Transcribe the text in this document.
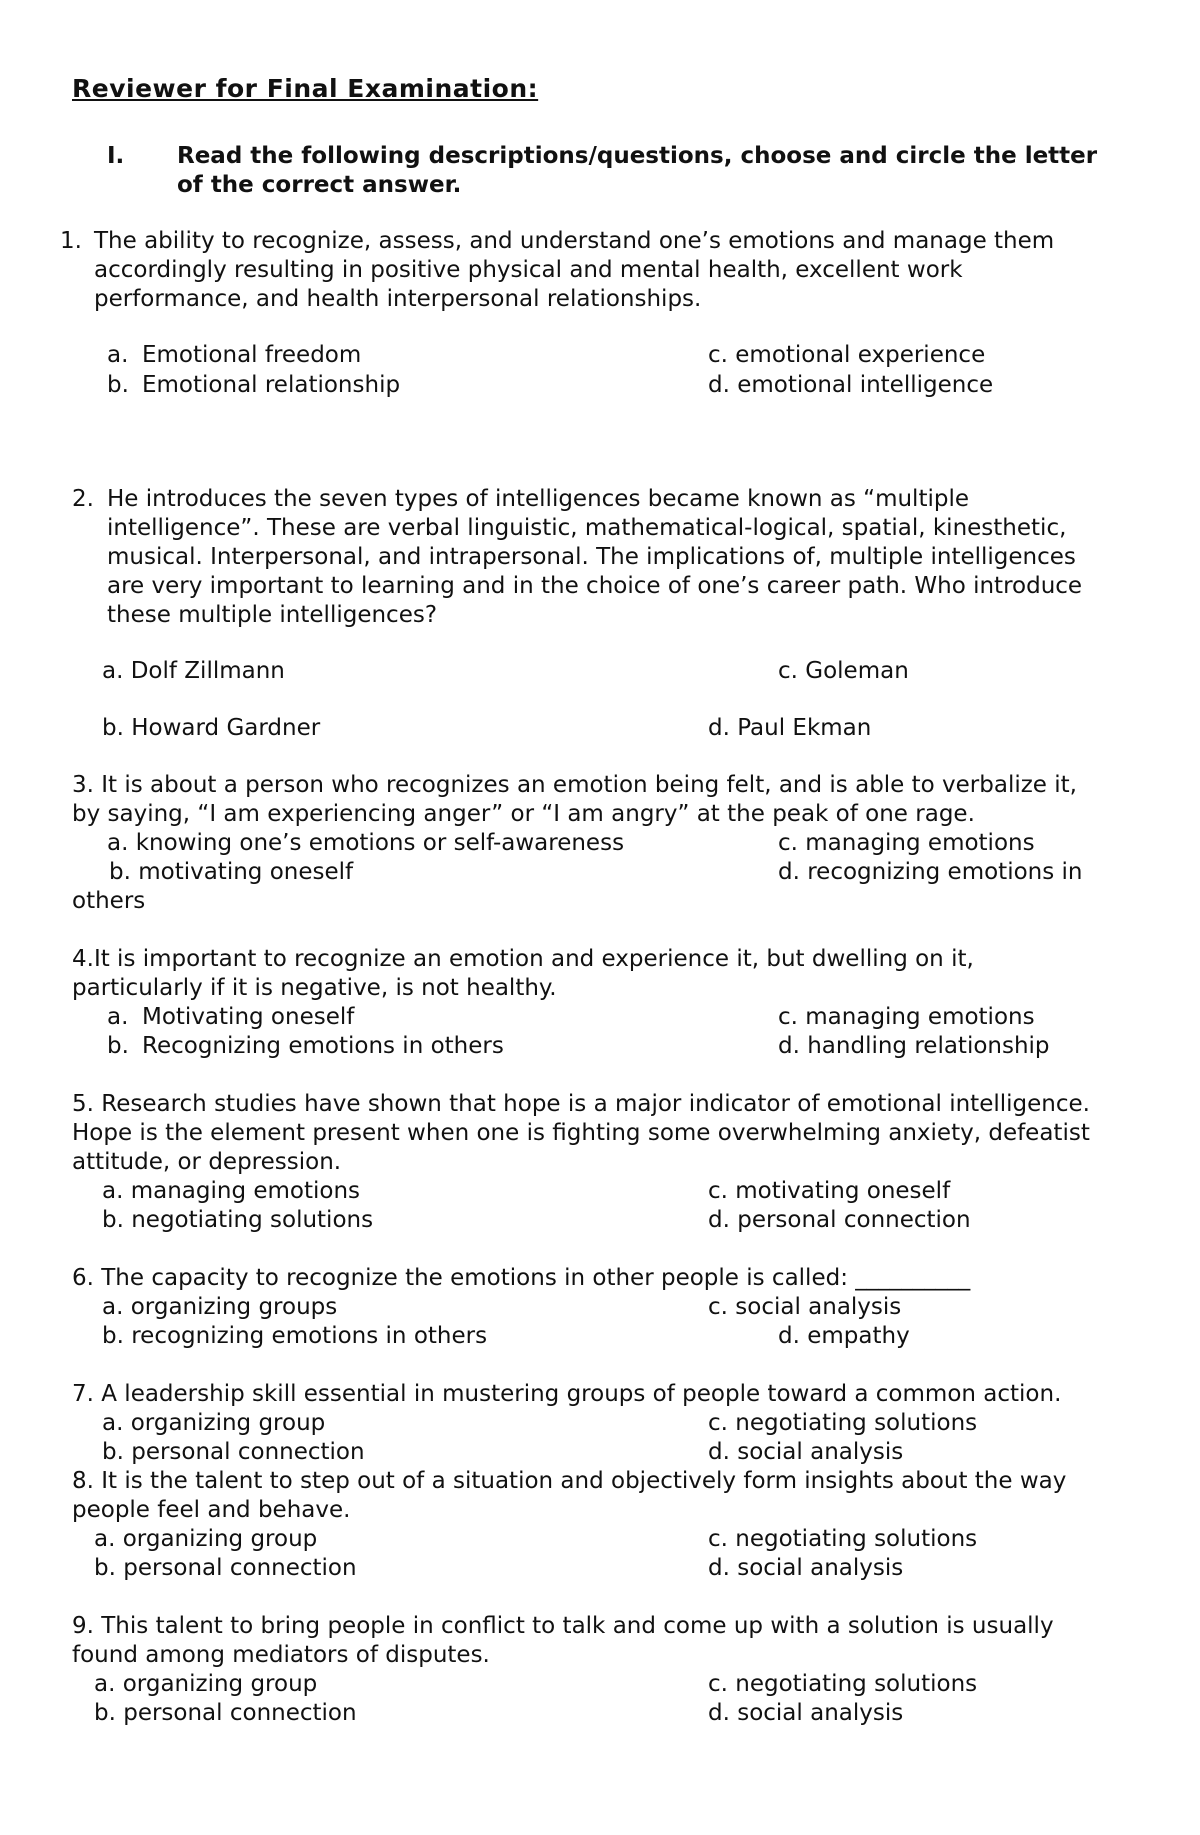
Reviewer for Final Examination:
I. Read the following descriptions/questions, choose and circle the letter
of the correct answer.
1. The ability to recognize, assess, and understand one’s emotions and manage them
accordingly resulting in positive physical and mental health, excellent work
performance, and health interpersonal relationships.
a. Emotional freedom
b. Emotional relationship
c. emotional experience
d. emotional intelligence
2. He introduces the seven types of intelligences became known as “multiple
intelligence”. These are verbal linguistic, mathematical-logical, spatial, kinesthetic,
musical. Interpersonal, and intrapersonal. The implications of, multiple intelligences
are very important to learning and in the choice of one’s career path. Who introduce
these multiple intelligences?
a. Dolf Zillmann	c. Goleman
b. Howard Gardner	d. Paul Ekman
3. It is about a person who recognizes an emotion being felt, and is able to verbalize it,
by saying, “I am experiencing anger” or “I am angry” at the peak of one rage.
a. knowing one’s emotions or self-awareness	c. managing emotions
b. motivating oneself	d. recognizing emotions in
others
4.It is important to recognize an emotion and experience it, but dwelling on it,
particularly if it is negative, is not healthy.
a. Motivating oneself	c. managing emotions
b. Recognizing emotions in others	d. handling relationship
5. Research studies have shown that hope is a major indicator of emotional intelligence.
Hope is the element present when one is fighting some overwhelming anxiety, defeatist
attitude, or depression.
a. managing emotions	c. motivating oneself
b. negotiating solutions	d. personal connection
6. The capacity to recognize the emotions in other people is called: __________
a. organizing groups	c. social analysis
b. recognizing emotions in others	d. empathy
7. A leadership skill essential in mustering groups of people toward a common action.
a. organizing group	c. negotiating solutions
b. personal connection	d. social analysis
8. It is the talent to step out of a situation and objectively form insights about the way
people feel and behave.
a. organizing group	c. negotiating solutions
b. personal connection	d. social analysis
9. This talent to bring people in conflict to talk and come up with a solution is usually
found among mediators of disputes.
a. organizing group	c. negotiating solutions
b. personal connection	d. social analysis
